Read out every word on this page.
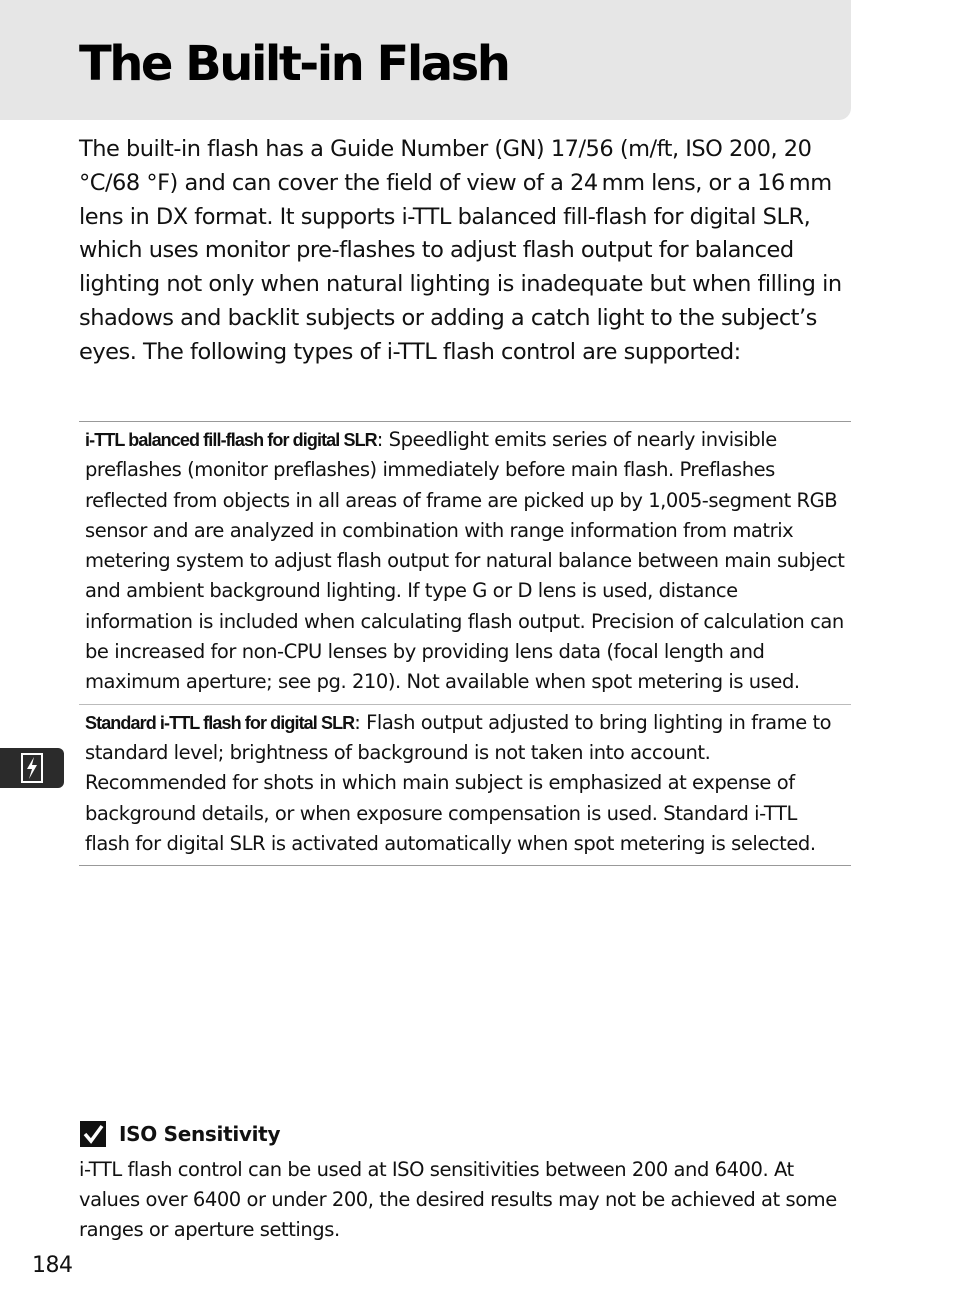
The Built-in Flash

The built-in flash has a Guide Number (GN) 17/56 (m/ft, ISO 200, 20 °C/68 °F) and can cover the field of view of a 24 mm lens, or a 16 mm lens in DX format. It supports i-TTL balanced fill-flash for digital SLR, which uses monitor pre-flashes to adjust flash output for balanced lighting not only when natural lighting is inadequate but when filling in shadows and backlit subjects or adding a catch light to the subject’s eyes. The following types of i-TTL flash control are supported:

i-TTL balanced fill-flash for digital SLR: Speedlight emits series of nearly invisible preflashes (monitor preflashes) immediately before main flash. Preflashes reflected from objects in all areas of frame are picked up by 1,005-segment RGB sensor and are analyzed in combination with range information from matrix metering system to adjust flash output for natural balance between main subject and ambient background lighting. If type G or D lens is used, distance information is included when calculating flash output. Precision of calculation can be increased for non-CPU lenses by providing lens data (focal length and maximum aperture; see pg. 210). Not available when spot metering is used.
Standard i-TTL flash for digital SLR: Flash output adjusted to bring lighting in frame to standard level; brightness of background is not taken into account. Recommended for shots in which main subject is emphasized at expense of background details, or when exposure compensation is used. Standard i-TTL flash for digital SLR is activated automatically when spot metering is selected.
ISO Sensitivity

i-TTL flash control can be used at ISO sensitivities between 200 and 6400. At values over 6400 or under 200, the desired results may not be achieved at some ranges or aperture settings.

184
